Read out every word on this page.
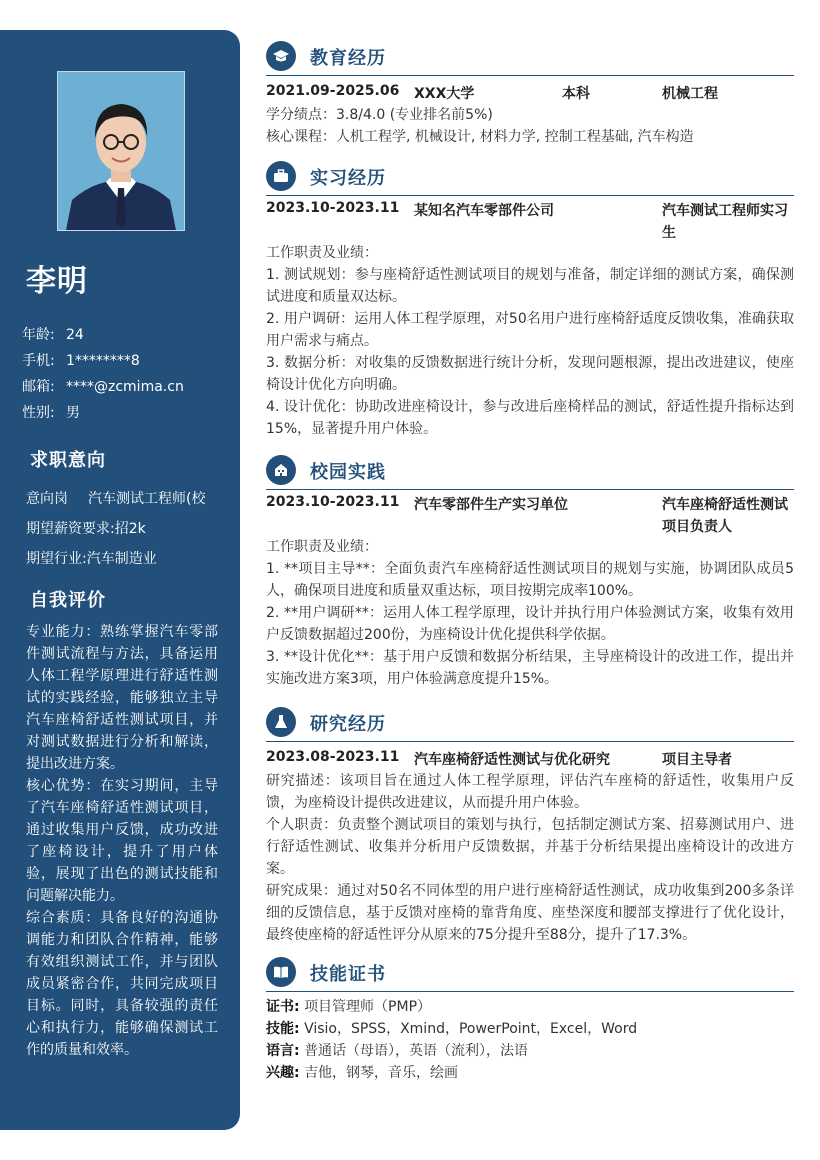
李明
年龄: 24
手机: 1********8
邮箱: ****@zcmima.cn
性别: 男
求职意向
意向岗 汽车测试工程师(校
期望薪资要求:招2k
期望行业:汽车制造业
自我评价

专业能力：熟练掌握汽车零部件测试流程与方法，具备运用人体工程学原理进行舒适性测试的实践经验，能够独立主导汽车座椅舒适性测试项目，并对测试数据进行分析和解读，提出改进方案。

核心优势：在实习期间，主导了汽车座椅舒适性测试项目，通过收集用户反馈，成功改进了座椅设计，提升了用户体验，展现了出色的测试技能和问题解决能力。

综合素质：具备良好的沟通协调能力和团队合作精神，能够有效组织测试工作，并与团队成员紧密合作，共同完成项目目标。同时，具备较强的责任心和执行力，能够确保测试工作的质量和效率。

教育经历
2021.09-2025.06 XXX大学	本科	机械工程

学分绩点：3.8/4.0 (专业排名前5%)

核心课程：人机工程学, 机械设计, 材料力学, 控制工程基础, 汽车构造

实习经历
2023.10-2023.11 某知名汽车零部件公司	汽车测试工程师实习生

工作职责及业绩：

1. 测试规划：参与座椅舒适性测试项目的规划与准备，制定详细的测试方案，确保测试进度和质量双达标。

2. 用户调研：运用人体工程学原理，对50名用户进行座椅舒适度反馈收集，准确获取用户需求与痛点。

3. 数据分析：对收集的反馈数据进行统计分析，发现问题根源，提出改进建议，使座椅设计优化方向明确。

4. 设计优化：协助改进座椅设计，参与改进后座椅样品的测试，舒适性提升指标达到15%，显著提升用户体验。

校园实践
2023.10-2023.11 汽车零部件生产实习单位	汽车座椅舒适性测试项目负责人

工作职责及业绩：

1. **项目主导**：全面负责汽车座椅舒适性测试项目的规划与实施，协调团队成员5人，确保项目进度和质量双重达标，项目按期完成率100%。

2. **用户调研**：运用人体工程学原理，设计并执行用户体验测试方案，收集有效用户反馈数据超过200份，为座椅设计优化提供科学依据。

3. **设计优化**：基于用户反馈和数据分析结果，主导座椅设计的改进工作，提出并实施改进方案3项，用户体验满意度提升15%。

研究经历
2023.08-2023.11 汽车座椅舒适性测试与优化研究	项目主导者

研究描述：该项目旨在通过人体工程学原理，评估汽车座椅的舒适性，收集用户反馈，为座椅设计提供改进建议，从而提升用户体验。

个人职责：负责整个测试项目的策划与执行，包括制定测试方案、招募测试用户、进行舒适性测试、收集并分析用户反馈数据，并基于分析结果提出座椅设计的改进方案。

研究成果：通过对50名不同体型的用户进行座椅舒适性测试，成功收集到200多条详细的反馈信息，基于反馈对座椅的靠背角度、座垫深度和腰部支撑进行了优化设计，最终使座椅的舒适性评分从原来的75分提升至88分，提升了17.3%。

技能证书
证书: 项目管理师（PMP）
技能: Visio，SPSS，Xmind，PowerPoint，Excel，Word
语言: 普通话（母语），英语（流利），法语
兴趣: 吉他，钢琴，音乐，绘画
